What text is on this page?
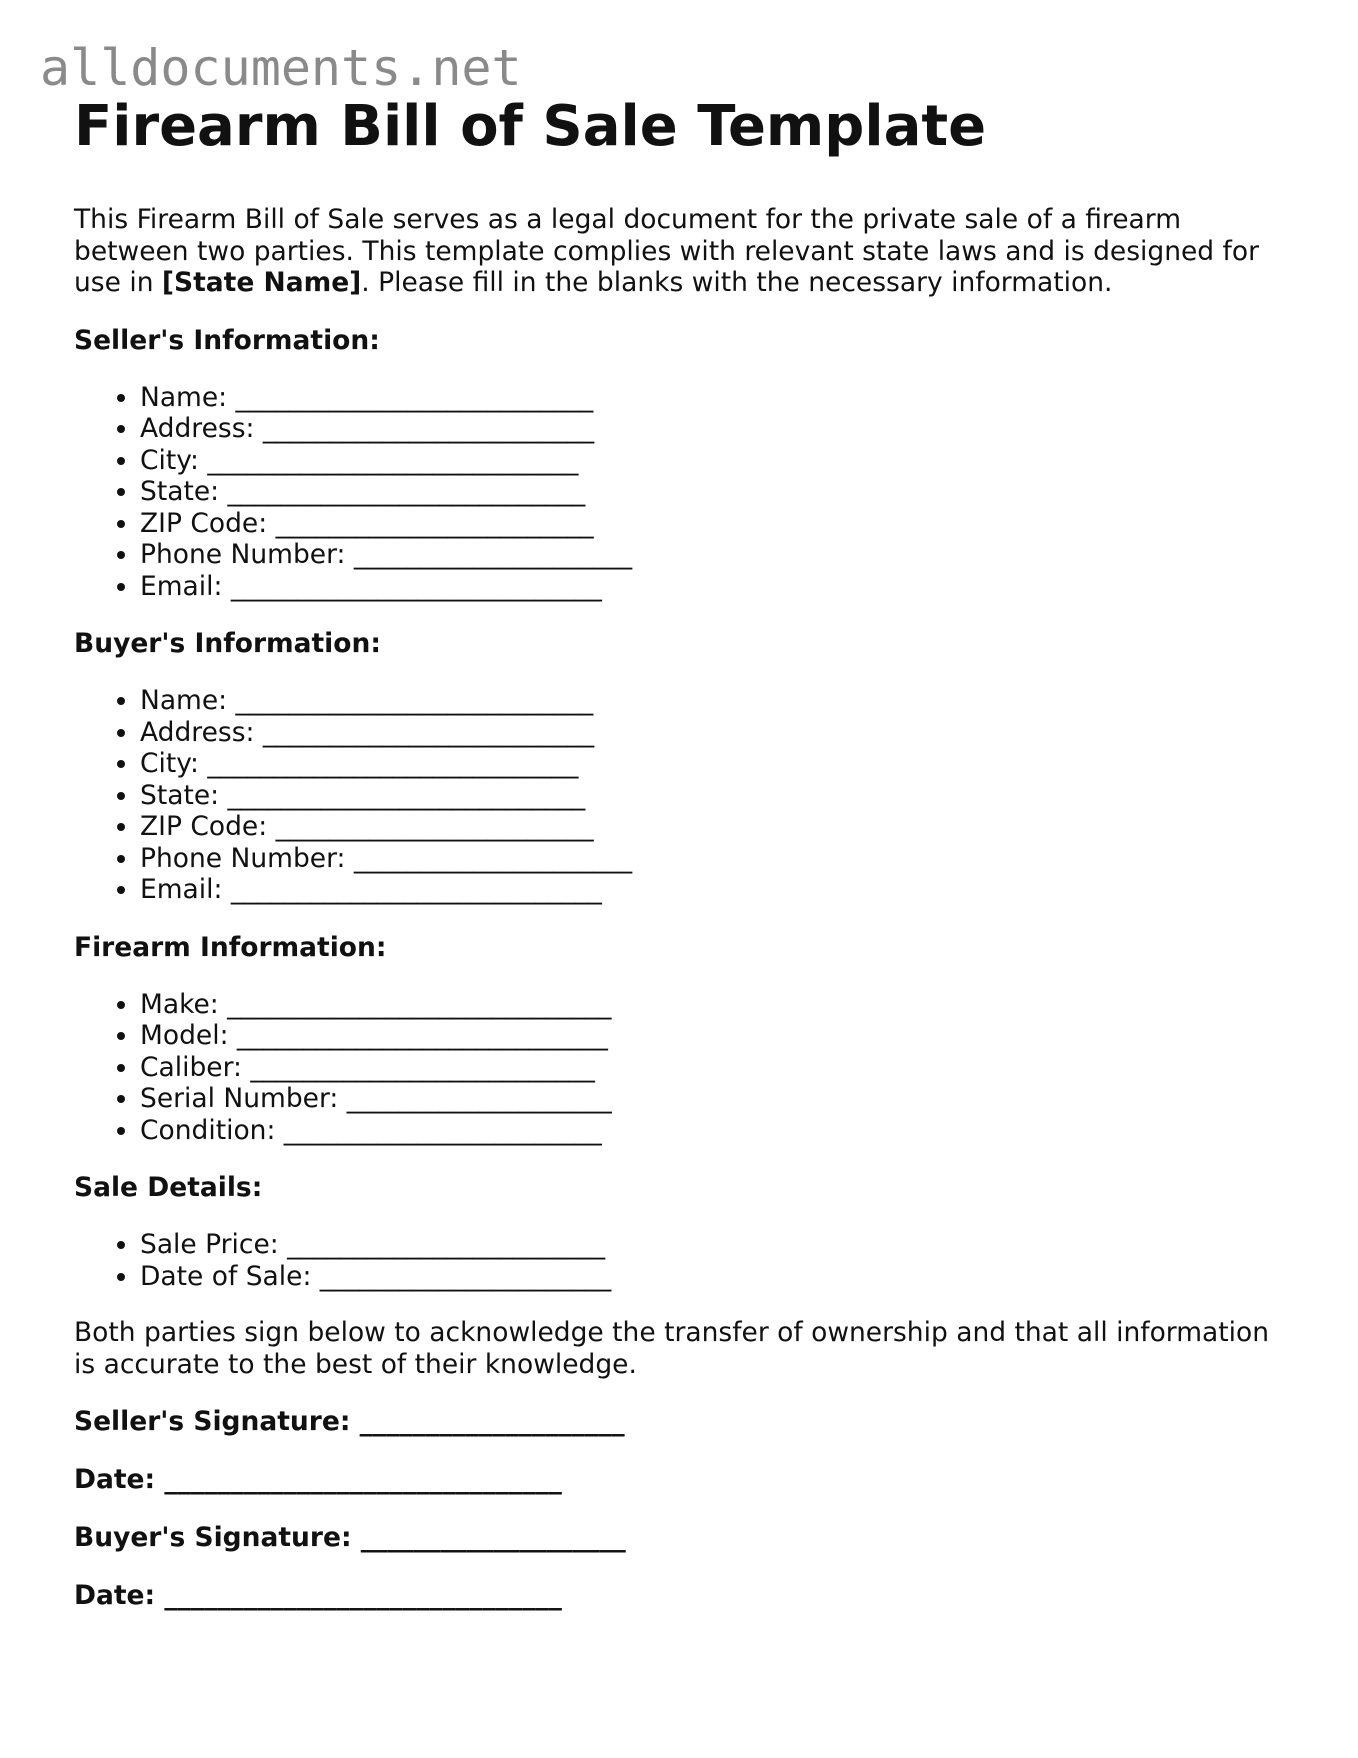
alldocuments.net
Firearm Bill of Sale Template

This Firearm Bill of Sale serves as a legal document for the private sale of a firearm between two parties. This template complies with relevant state laws and is designed for use in [State Name]. Please fill in the blanks with the necessary information.

Seller's Information:
• Name: ___________________________
• Address: _________________________
• City: ____________________________
• State: ___________________________
• ZIP Code: ________________________
• Phone Number: _____________________
• Email: ____________________________
Buyer's Information:
• Name: ___________________________
• Address: _________________________
• City: ____________________________
• State: ___________________________
• ZIP Code: ________________________
• Phone Number: _____________________
• Email: ____________________________
Firearm Information:
• Make: _____________________________
• Model: ____________________________
• Caliber: __________________________
• Serial Number: ____________________
• Condition: ________________________
Sale Details:
• Sale Price: ________________________
• Date of Sale: ______________________

Both parties sign below to acknowledge the transfer of ownership and that all information is accurate to the best of their knowledge.

Seller's Signature: ____________________
Date: ______________________________
Buyer's Signature: ____________________
Date: ______________________________
